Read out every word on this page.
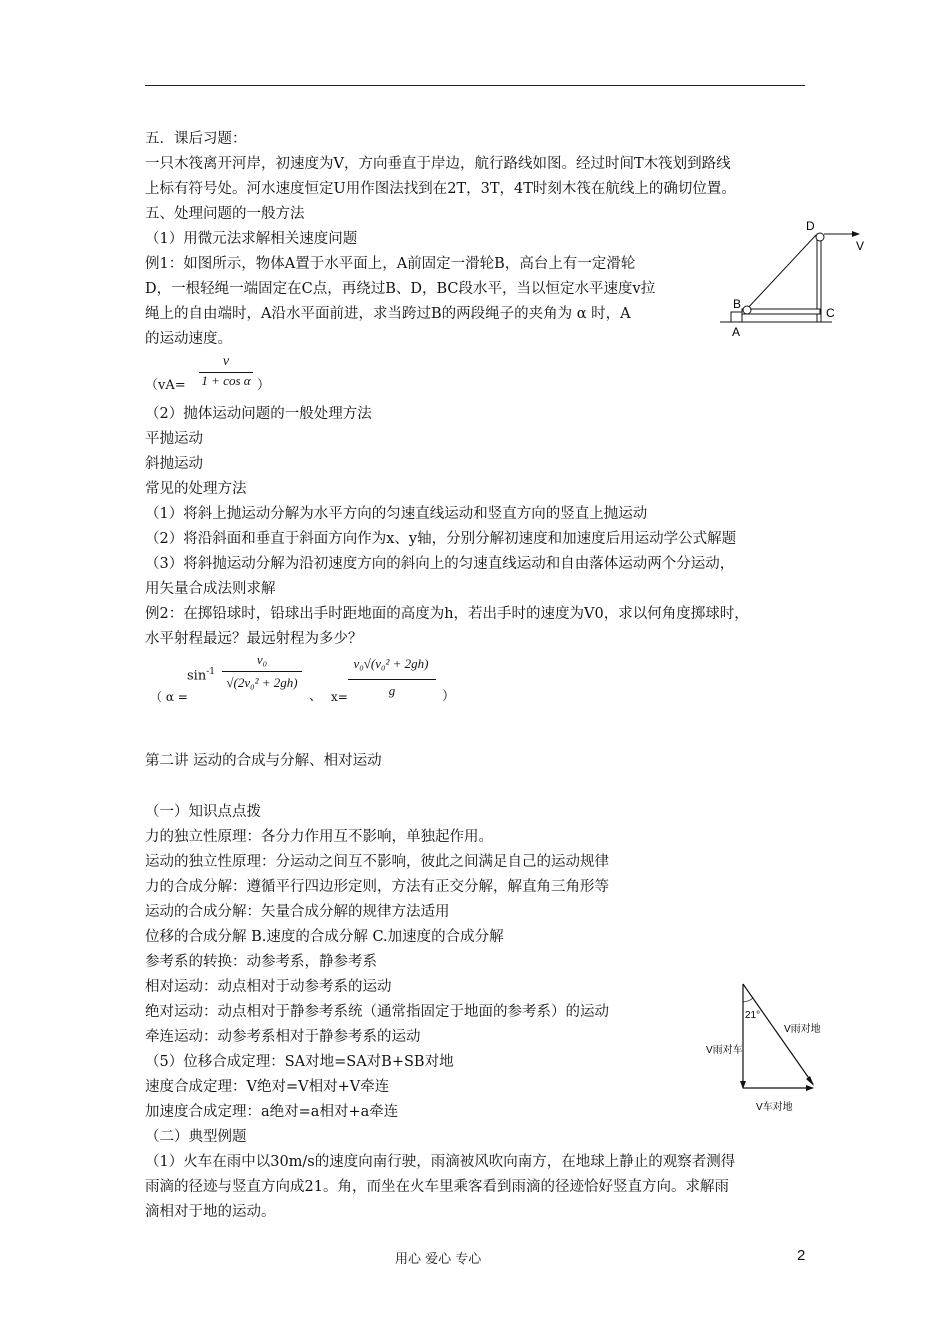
五．课后习题：
一只木筏离开河岸，初速度为V，方向垂直于岸边，航行路线如图。经过时间T木筏划到路线
上标有符号处。河水速度恒定U用作图法找到在2T，3T，4T时刻木筏在航线上的确切位置。
五、处理问题的一般方法
（1）用微元法求解相关速度问题
例1：如图所示，物体A置于水平面上，A前固定一滑轮B，高台上有一定滑轮
D，一根轻绳一端固定在C点，再绕过B、D，BC段水平，当以恒定水平速度v拉
绳上的自由端时，A沿水平面前进，求当跨过B的两段绳子的夹角为 α 时，A
的运动速度。
（vA=
v
1 + cos α ）
（2）抛体运动问题的一般处理方法
平抛运动
斜抛运动
常见的处理方法
（1）将斜上抛运动分解为水平方向的匀速直线运动和竖直方向的竖直上抛运动
（2）将沿斜面和垂直于斜面方向作为x、y轴，分别分解初速度和加速度后用运动学公式解题
（3）将斜抛运动分解为沿初速度方向的斜向上的匀速直线运动和自由落体运动两个分运动，
用矢量合成法则求解
例2：在掷铅球时，铅球出手时距地面的高度为h，若出手时的速度为V0，求以何角度掷球时，
水平射程最远？最远射程为多少？
（ α =
$\sin^{-1}$
v₀
√(2v₀² + 2gh)
、 x=
v₀√(v₀² + 2gh)
g	）
第二讲 运动的合成与分解、相对运动
（一）知识点点拨
力的独立性原理：各分力作用互不影响，单独起作用。
运动的独立性原理：分运动之间互不影响，彼此之间满足自己的运动规律
力的合成分解：遵循平行四边形定则，方法有正交分解，解直角三角形等
运动的合成分解：矢量合成分解的规律方法适用
位移的合成分解 B.速度的合成分解 C.加速度的合成分解
参考系的转换：动参考系，静参考系
相对运动：动点相对于动参考系的运动
绝对运动：动点相对于静参考系统（通常指固定于地面的参考系）的运动
牵连运动：动参考系相对于静参考系的运动
（5）位移合成定理：SA对地=SA对B+SB对地
速度合成定理：V绝对=V相对+V牵连
加速度合成定理：a绝对=a相对+a牵连
（二）典型例题
（1）火车在雨中以30m/s的速度向南行驶，雨滴被风吹向南方，在地球上静止的观察者测得
雨滴的径迹与竖直方向成21。角，而坐在火车里乘客看到雨滴的径迹恰好竖直方向。求解雨
滴相对于地的运动。
D
V
B
A
C
21°
V雨对地
V雨对车
V车对地
用心 爱心 专心	2
